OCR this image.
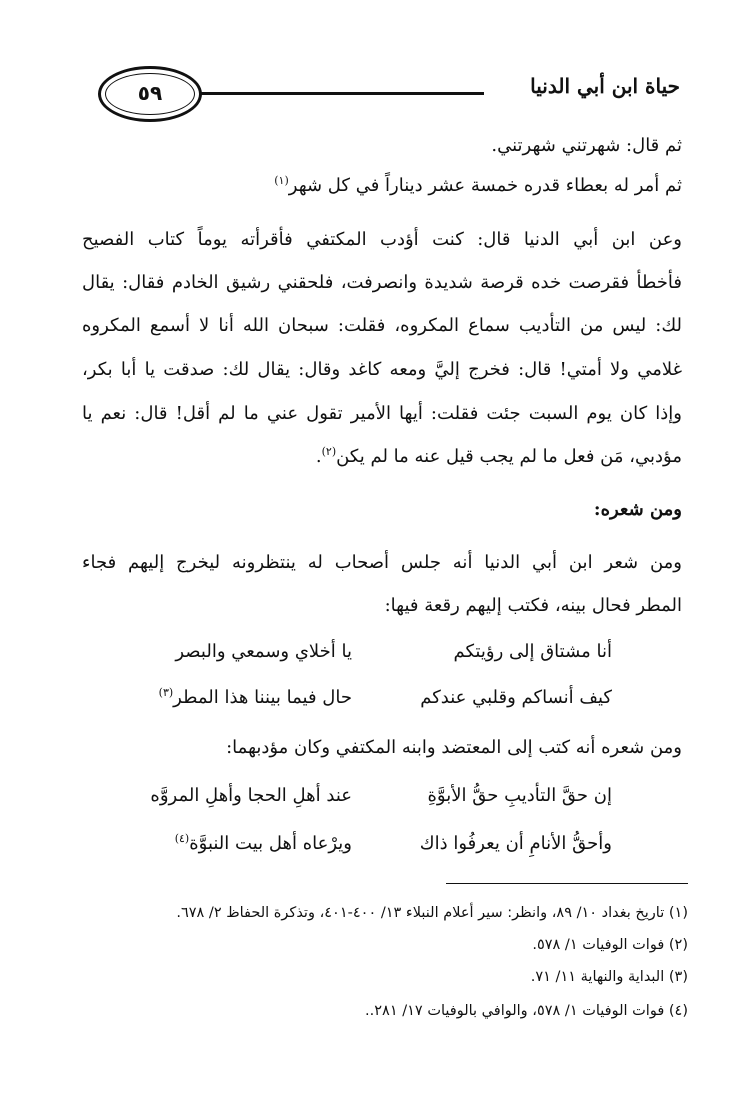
٥٩	حياة ابن أبي الدنيا
ثم قال: شهرتني شهرتني.
ثم أمر له بعطاء قدره خمسة عشر ديناراً في كل شهر$^{(١)}$
وعن ابن أبي الدنيا قال: كنت أؤدب المكتفي فأقرأته يوماً كتاب الفصيح
فأخطأ فقرصت خده قرصة شديدة وانصرفت، فلحقني رشيق الخادم فقال: يقال
لك: ليس من التأديب سماع المكروه، فقلت: سبحان الله أنا لا أسمع المكروه
غلامي ولا أمتي! قال: فخرج إليَّ ومعه كاغد وقال: يقال لك: صدقت يا أبا بكر،
وإذا كان يوم السبت جئت فقلت: أيها الأمير تقول عني ما لم أقل! قال: نعم يا
مؤدبي، مَن فعل ما لم يجب قيل عنه ما لم يكن$^{(٢)}$.
ومن شعره:
ومن شعر ابن أبي الدنيا أنه جلس أصحاب له ينتظرونه ليخرج إليهم فجاء
المطر فحال بينه، فكتب إليهم رقعة فيها:
أنا مشتاق إلى رؤيتكم
يا أخلاي وسمعي والبصر
كيف أنساكم وقلبي عندكم
حال فيما بيننا هذا المطر$^{(٣)}$
ومن شعره أنه كتب إلى المعتضد وابنه المكتفي وكان مؤدبهما:
إن حقَّ التأديبِ حقُّ الأبوَّةِ
عند أهلِ الحجا وأهلِ المروَّه
وأحقُّ الأنامِ أن يعرفُوا ذاك
ويرْعاه أهل بيت النبوَّة$^{(٤)}$
(١) تاريخ بغداد ١٠/ ٨٩، وانظر: سير أعلام النبلاء ١٣/ ٤٠٠-٤٠١، وتذكرة الحفاظ ٢/ ٦٧٨.
(٢) فوات الوفيات ١/ ٥٧٨.
(٣) البداية والنهاية ١١/ ٧١.
(٤) فوات الوفيات ١/ ٥٧٨، والوافي بالوفيات ١٧/ ٢٨١..
